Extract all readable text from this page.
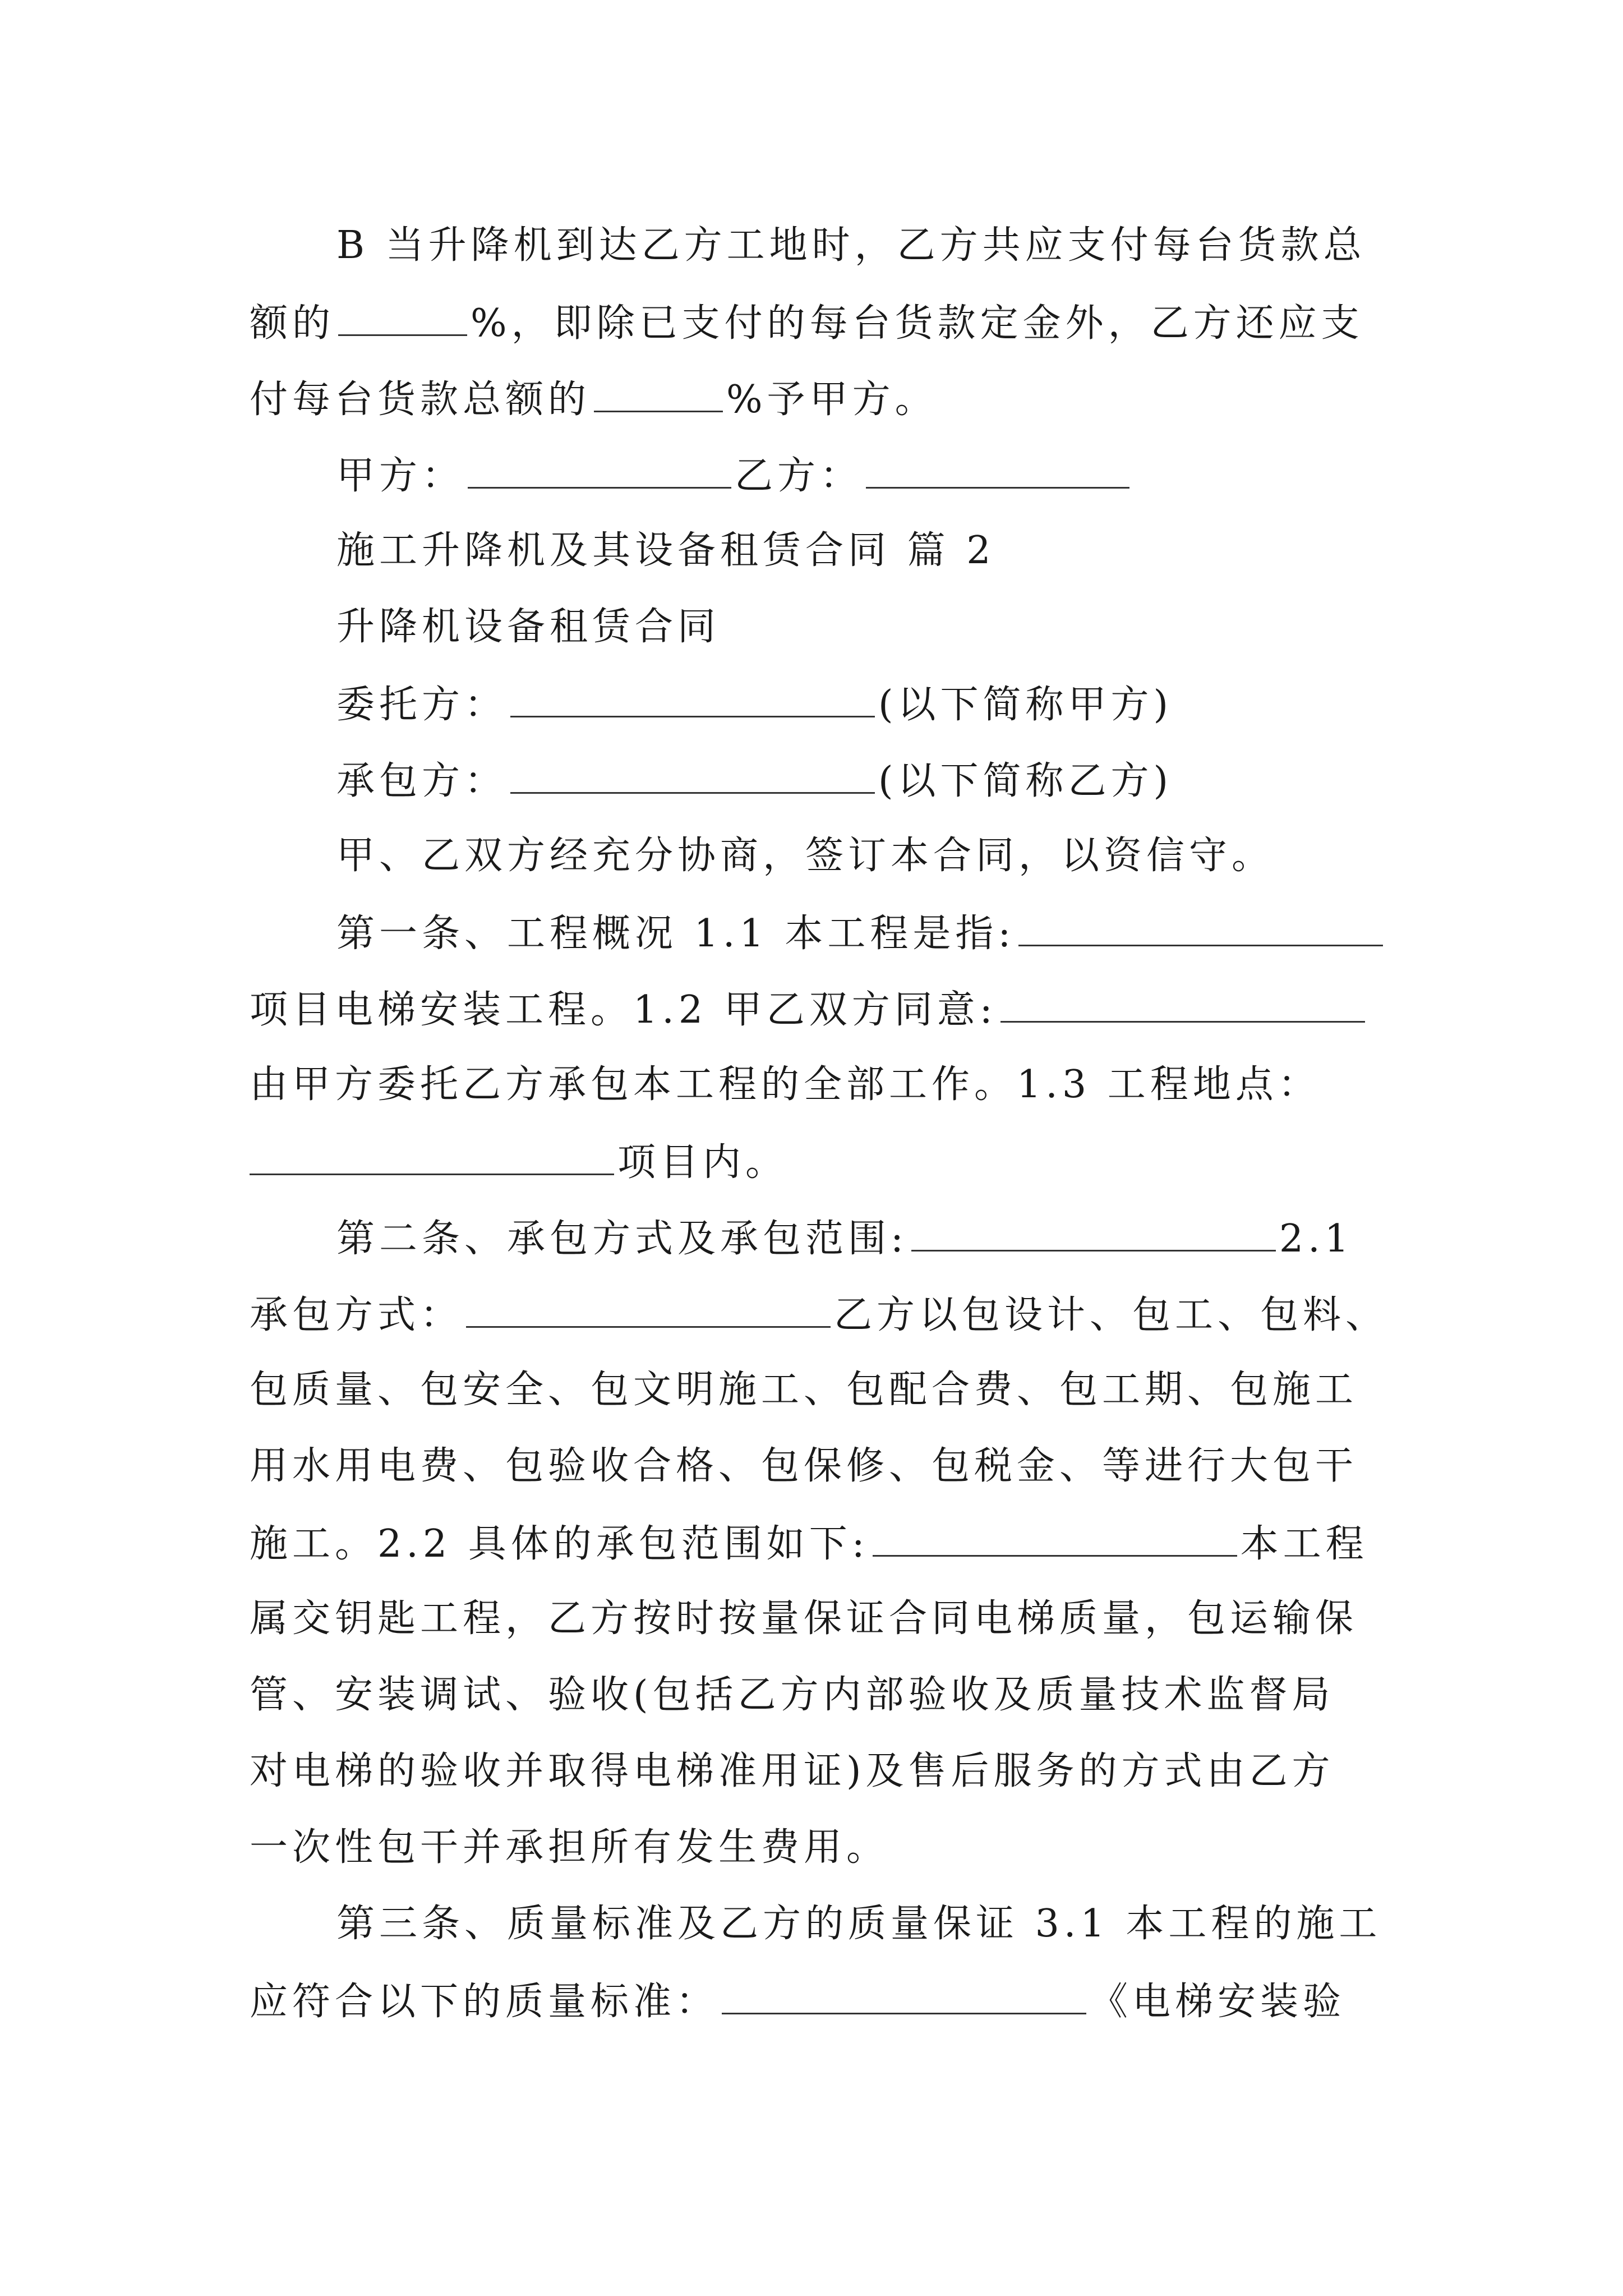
B 当升降机到达乙方工地时，乙方共应支付每台货款总
额的	%，即除已支付的每台货款定金外，乙方还应支
付每台货款总额的	%予甲方。
甲方：	乙方：
施工升降机及其设备租赁合同 篇 2
升降机设备租赁合同
委托方：	(以下简称甲方)
承包方：	(以下简称乙方)
甲、乙双方经充分协商，签订本合同，以资信守。
第一条、工程概况 1.1 本工程是指:
项目电梯安装工程。1.2 甲乙双方同意:
由甲方委托乙方承包本工程的全部工作。1.3 工程地点：
项目内。
第二条、承包方式及承包范围:	2.1
承包方式：	乙方以包设计、包工、包料、
包质量、包安全、包文明施工、包配合费、包工期、包施工
用水用电费、包验收合格、包保修、包税金、等进行大包干
施工。2.2 具体的承包范围如下:	本工程
属交钥匙工程，乙方按时按量保证合同电梯质量，包运输保
管、安装调试、验收(包括乙方内部验收及质量技术监督局
对电梯的验收并取得电梯准用证)及售后服务的方式由乙方
一次性包干并承担所有发生费用。
第三条、质量标准及乙方的质量保证 3.1 本工程的施工
应符合以下的质量标准：	《电梯安装验
